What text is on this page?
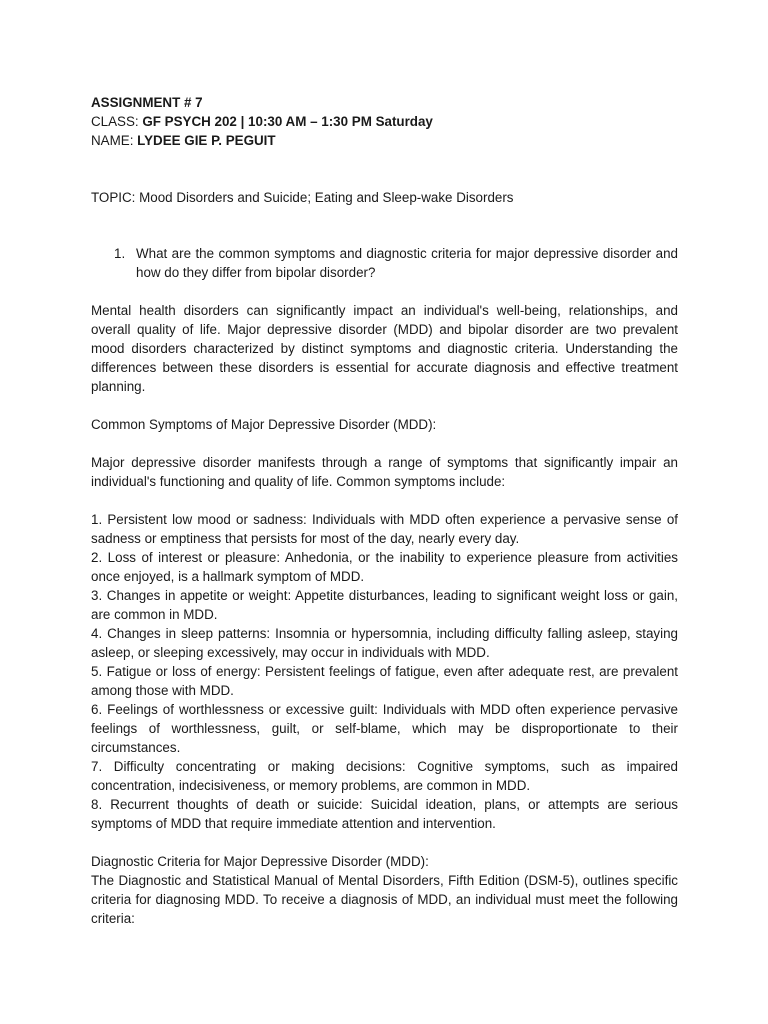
ASSIGNMENT # 7

CLASS: GF PSYCH 202 | 10:30 AM – 1:30 PM Saturday

NAME: LYDEE GIE P. PEGUIT

TOPIC: Mood Disorders and Suicide; Eating and Sleep-wake Disorders

1. What are the common symptoms and diagnostic criteria for major depressive disorder and how do they differ from bipolar disorder?

Mental health disorders can significantly impact an individual's well-being, relationships, and overall quality of life. Major depressive disorder (MDD) and bipolar disorder are two prevalent mood disorders characterized by distinct symptoms and diagnostic criteria. Understanding the differences between these disorders is essential for accurate diagnosis and effective treatment planning.

Common Symptoms of Major Depressive Disorder (MDD):

Major depressive disorder manifests through a range of symptoms that significantly impair an individual's functioning and quality of life. Common symptoms include:

1. Persistent low mood or sadness: Individuals with MDD often experience a pervasive sense of sadness or emptiness that persists for most of the day, nearly every day.

2. Loss of interest or pleasure: Anhedonia, or the inability to experience pleasure from activities once enjoyed, is a hallmark symptom of MDD.

3. Changes in appetite or weight: Appetite disturbances, leading to significant weight loss or gain, are common in MDD.

4. Changes in sleep patterns: Insomnia or hypersomnia, including difficulty falling asleep, staying asleep, or sleeping excessively, may occur in individuals with MDD.

5. Fatigue or loss of energy: Persistent feelings of fatigue, even after adequate rest, are prevalent among those with MDD.

6. Feelings of worthlessness or excessive guilt: Individuals with MDD often experience pervasive feelings of worthlessness, guilt, or self-blame, which may be disproportionate to their circumstances.

7. Difficulty concentrating or making decisions: Cognitive symptoms, such as impaired concentration, indecisiveness, or memory problems, are common in MDD.

8. Recurrent thoughts of death or suicide: Suicidal ideation, plans, or attempts are serious symptoms of MDD that require immediate attention and intervention.

Diagnostic Criteria for Major Depressive Disorder (MDD):

The Diagnostic and Statistical Manual of Mental Disorders, Fifth Edition (DSM-5), outlines specific criteria for diagnosing MDD. To receive a diagnosis of MDD, an individual must meet the following criteria:
